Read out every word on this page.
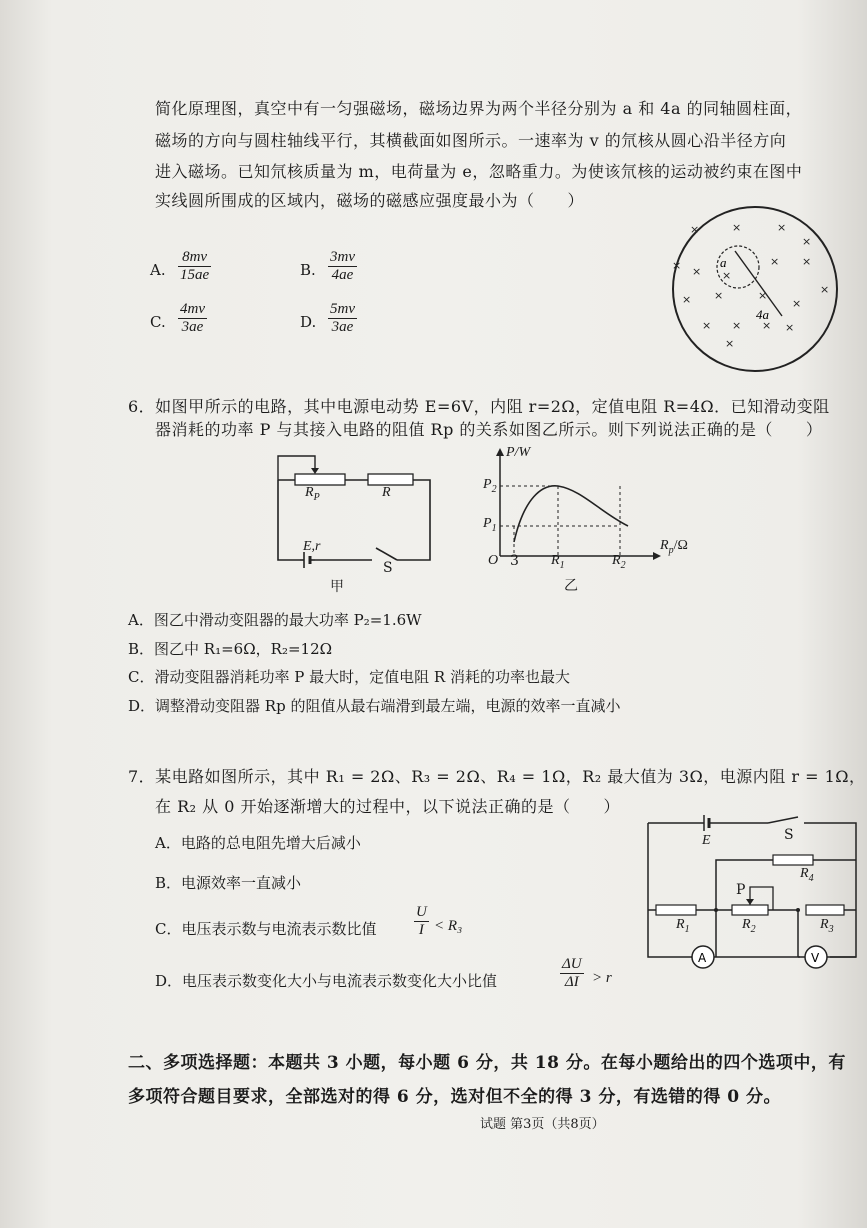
简化原理图，真空中有一匀强磁场，磁场边界为两个半径分别为 a 和 4a 的同轴圆柱面，
磁场的方向与圆柱轴线平行，其横截面如图所示。一速率为 v 的氘核从圆心沿半径方向
进入磁场。已知氘核质量为 m，电荷量为 e，忽略重力。为使该氘核的运动被约束在图中
实线圆所围成的区域内，磁场的磁感应强度最小为（　　）
A. $\frac{8mv}{15ae}$	B. $\frac{3mv}{4ae}$
C. $\frac{4mv}{3ae}$	D. $\frac{5mv}{3ae}$
×	×	×
×
×	× ×
× ×
×	×	×
×	×
× × × ×
×
a
4a
6．如图甲所示的电路，其中电源电动势 E=6V，内阻 r=2Ω，定值电阻 R=4Ω．已知滑动变阻
器消耗的功率 P 与其接入电路的阻值 Rp 的关系如图乙所示。则下列说法正确的是（　　）
$R_P$	R
E,r
S
甲
P/W
$P_2$
$P_1$
O 3 $R_1$	$R_2$
$R_p/\Omega$
乙
A．图乙中滑动变阻器的最大功率 P₂=1.6W
B．图乙中 R₁=6Ω，R₂=12Ω
C．滑动变阻器消耗功率 P 最大时，定值电阻 R 消耗的功率也最大
D．调整滑动变阻器 Rp 的阻值从最右端滑到最左端，电源的效率一直减小
7．某电路如图所示，其中 R₁ = 2Ω、R₃ = 2Ω、R₄ = 1Ω，R₂ 最大值为 3Ω，电源内阻 r = 1Ω，
在 R₂ 从 0 开始逐渐增大的过程中，以下说法正确的是（　　）
A．电路的总电阻先增大后减小
B．电源效率一直减小
C．电压表示数与电流表示数比值	$\frac{U}{I} < R_3$
D．电压表示数变化大小与电流表示数变化大小比值	$\frac{\Delta U}{\Delta I} > r$
A	V
E	S
$R_4$
P
$R_1$	$R_2$	$R_3$
二、多项选择题：本题共 3 小题，每小题 6 分，共 18 分。在每小题给出的四个选项中，有
多项符合题目要求，全部选对的得 6 分，选对但不全的得 3 分，有选错的得 0 分。
试题 第3页（共8页）
